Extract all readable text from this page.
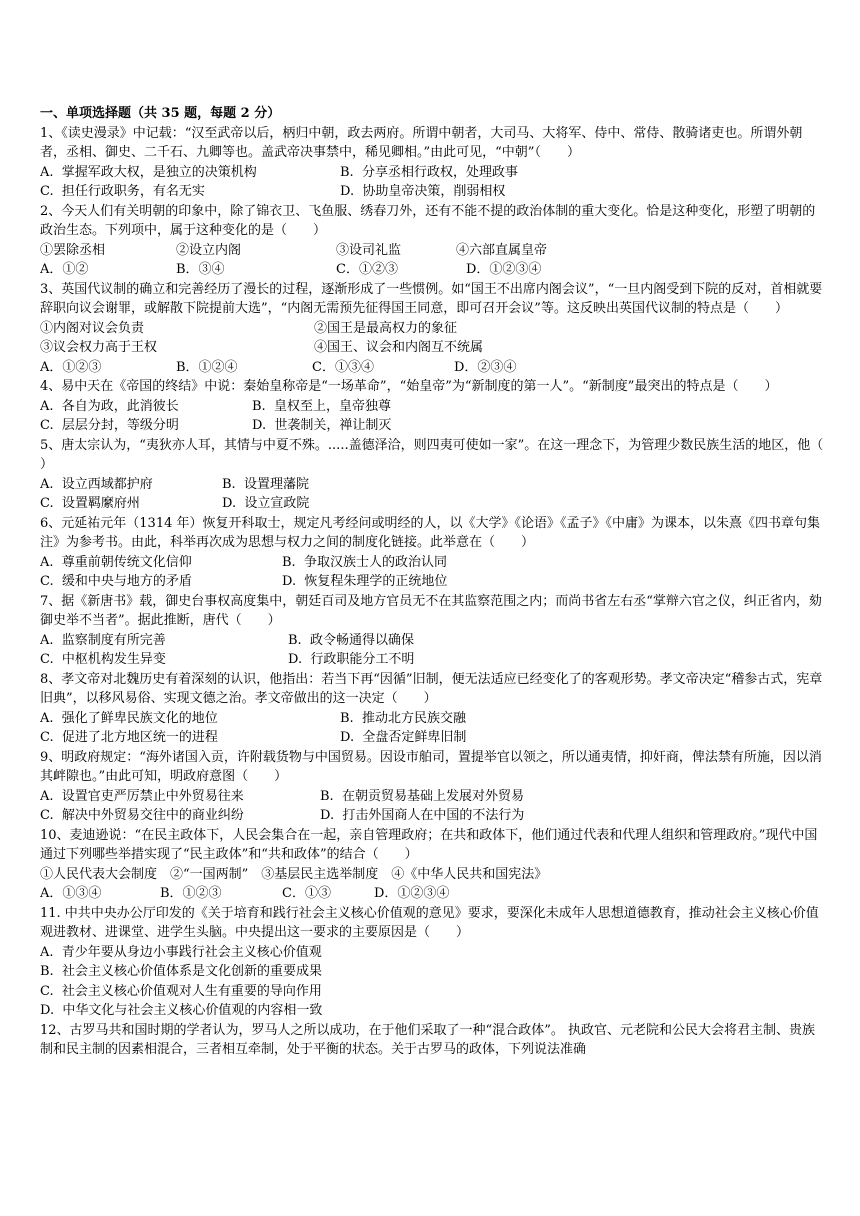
一、单项选择题（共 35 题，每题 2 分）
1、《读史漫录》中记载：“汉至武帝以后，柄归中朝，政去两府。所谓中朝者，大司马、大将军、侍中、常侍、散骑诸吏也。所谓外朝者，丞相、御史、二千石、九卿等也。盖武帝决事禁中，稀见卿相。”由此可见，“中朝”（　　）
A.  掌握军政大权，是独立的决策机构	B.  分享丞相行政权，处理政事
C.  担任行政职务，有名无实	D.  协助皇帝决策，削弱相权
2、今天人们有关明朝的印象中，除了锦衣卫、飞鱼服、绣春刀外，还有不能不提的政治体制的重大变化。恰是这种变化，形塑了明朝的政治生态。下列项中，属于这种变化的是（　　）
①罢除丞相	②设立内阁	③设司礼监	④六部直属皇帝
A．①②	B．③④	C．①②③	D．①②③④
3、英国代议制的确立和完善经历了漫长的过程，逐渐形成了一些惯例。如“国王不出席内阁会议”，“一旦内阁受到下院的反对，首相就要辞职向议会谢罪，或解散下院提前大选”，“内阁无需预先征得国王同意，即可召开会议”等。这反映出英国代议制的特点是（　　）
①内阁对议会负责	②国王是最高权力的象征
③议会权力高于王权	④国王、议会和内阁互不统属
A．①②③	B．①②④	C．①③④	D．②③④
4、易中天在《帝国的终结》中说：秦始皇称帝是“一场革命”，“始皇帝”为“新制度的第一人”。“新制度”最突出的特点是（　　）
A.  各自为政，此消彼长	B.  皇权至上，皇帝独尊
C.  层层分封，等级分明	D.  世袭制关，禅让制灭
5、唐太宗认为，“夷狄亦人耳，其情与中夏不殊。.....盖德泽洽，则四夷可使如一家”。在这一理念下，为管理少数民族生活的地区，他（　　）
A.  设立西域都护府	B.  设置理藩院
C.  设置羁縻府州	D.  设立宣政院
6、元延祐元年（1314 年）恢复开科取士，规定凡考经问或明经的人，以《大学》《论语》《孟子》《中庸》为课本，以朱熹《四书章句集注》为参考书。由此，科举再次成为思想与权力之间的制度化链接。此举意在（　　）
A.  尊重前朝传统文化信仰	B.  争取汉族士人的政治认同
C.  缓和中央与地方的矛盾	D.  恢复程朱理学的正统地位
7、据《新唐书》载，御史台事权高度集中，朝廷百司及地方官员无不在其监察范围之内；而尚书省左右丞“掌辩六官之仪，纠正省内，劾御史举不当者”。据此推断，唐代（　　）
A.  监察制度有所完善	B.  政令畅通得以确保
C.  中枢机构发生异变	D.  行政职能分工不明
8、孝文帝对北魏历史有着深刻的认识，他指出：若当下再“因循”旧制，便无法适应已经变化了的客观形势。孝文帝决定“稽参古式，宪章旧典”，以移风易俗、实现文德之治。孝文帝做出的这一决定（　　）
A.  强化了鲜卑民族文化的地位	B.  推动北方民族交融
C.  促进了北方地区统一的进程	D.  全盘否定鲜卑旧制
9、明政府规定：“海外诸国入贡，许附载货物与中国贸易。因设市舶司，置提举官以领之，所以通夷情，抑奸商，俾法禁有所施，因以消其衅隙也。”由此可知，明政府意图（　　）
A.  设置官吏严厉禁止中外贸易往来	B.  在朝贡贸易基础上发展对外贸易
C.  解决中外贸易交往中的商业纠纷	D.  打击外国商人在中国的不法行为
10、麦迪逊说：“在民主政体下，人民会集合在一起，亲自管理政府；在共和政体下，他们通过代表和代理人组织和管理政府。”现代中国通过下列哪些举措实现了“民主政体”和“共和政体”的结合（　　）
①人民代表大会制度　②“一国两制”　③基层民主选举制度　④《中华人民共和国宪法》
A．①③④	B．①②③	C．①③	D．①②③④
11. 中共中央办公厅印发的《关于培育和践行社会主义核心价值观的意见》要求，要深化未成年人思想道德教育，推动社会主义核心价值观进教材、进课堂、进学生头脑。中央提出这一要求的主要原因是（　　）
A.  青少年要从身边小事践行社会主义核心价值观
B.  社会主义核心价值体系是文化创新的重要成果
C.  社会主义核心价值观对人生有重要的导向作用
D.  中华文化与社会主义核心价值观的内容相一致
12、古罗马共和国时期的学者认为，罗马人之所以成功，在于他们采取了一种“混合政体”。 执政官、元老院和公民大会将君主制、贵族制和民主制的因素相混合，三者相互牵制，处于平衡的状态。关于古罗马的政体，下列说法准确
